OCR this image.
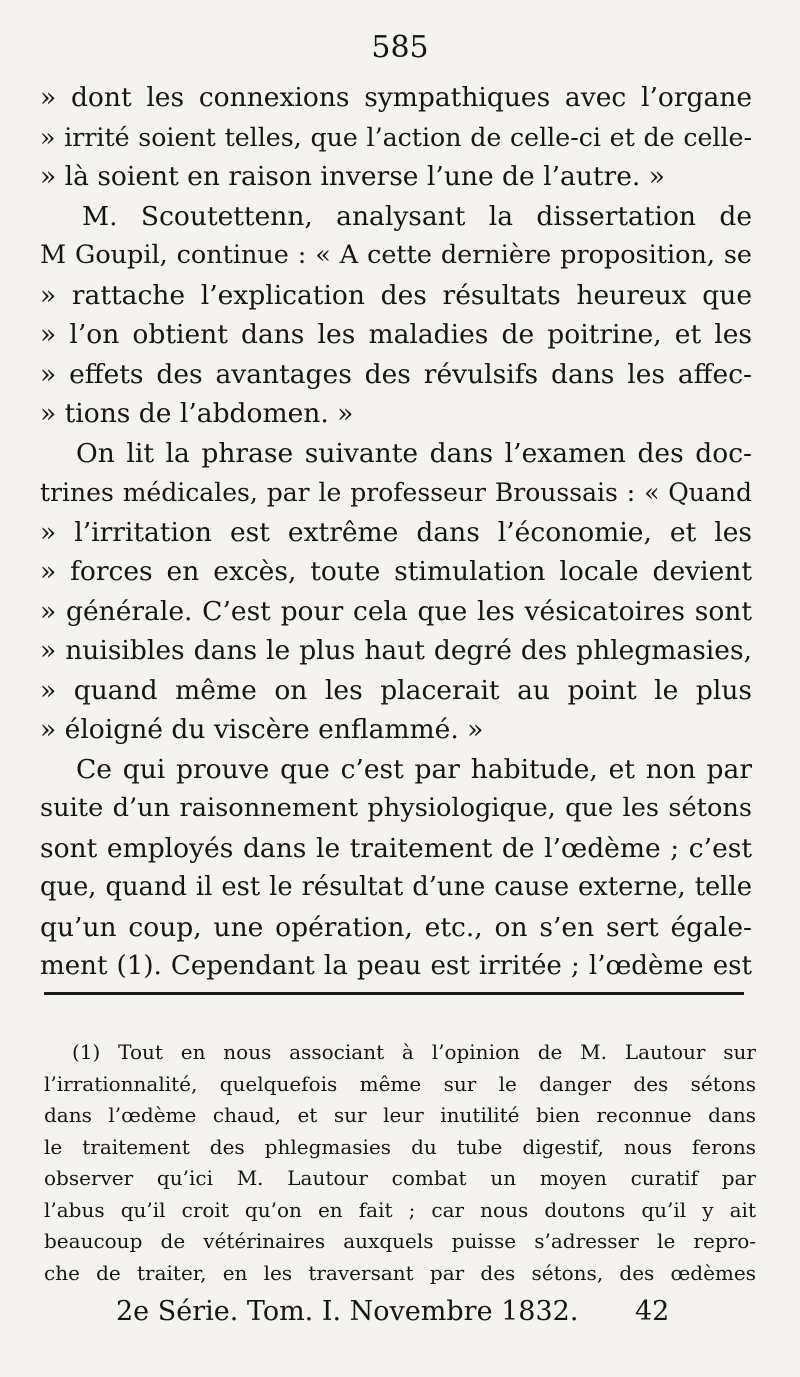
585
» dont les connexions sympathiques avec l’organe
» irrité soient telles, que l’action de celle-ci et de celle-
» là soient en raison inverse l’une de l’autre. »
M. Scoutettenn, analysant la dissertation de
M Goupil, continue : « A cette dernière proposition, se
» rattache l’explication des résultats heureux que
» l’on obtient dans les maladies de poitrine, et les
» effets des avantages des révulsifs dans les affec-
» tions de l’abdomen. »
On lit la phrase suivante dans l’examen des doc-
trines médicales, par le professeur Broussais : « Quand
» l’irritation est extrême dans l’économie, et les
» forces en excès, toute stimulation locale devient
» générale. C’est pour cela que les vésicatoires sont
» nuisibles dans le plus haut degré des phlegmasies,
» quand même on les placerait au point le plus
» éloigné du viscère enflammé. »
Ce qui prouve que c’est par habitude, et non par
suite d’un raisonnement physiologique, que les sétons
sont employés dans le traitement de l’œdème ; c’est
que, quand il est le résultat d’une cause externe, telle
qu’un coup, une opération, etc., on s’en sert égale-
ment (1). Cependant la peau est irritée ; l’œdème est
(1) Tout en nous associant à l’opinion de M. Lautour sur
l’irrationnalité, quelquefois même sur le danger des sétons
dans l’œdème chaud, et sur leur inutilité bien reconnue dans
le traitement des phlegmasies du tube digestif, nous ferons
observer qu’ici M. Lautour combat un moyen curatif par
l’abus qu’il croit qu’on en fait ; car nous doutons qu’il y ait
beaucoup de vétérinaires auxquels puisse s’adresser le repro-
che de traiter, en les traversant par des sétons, des œdèmes
2e Série. Tom. I. Novembre 1832. 42
